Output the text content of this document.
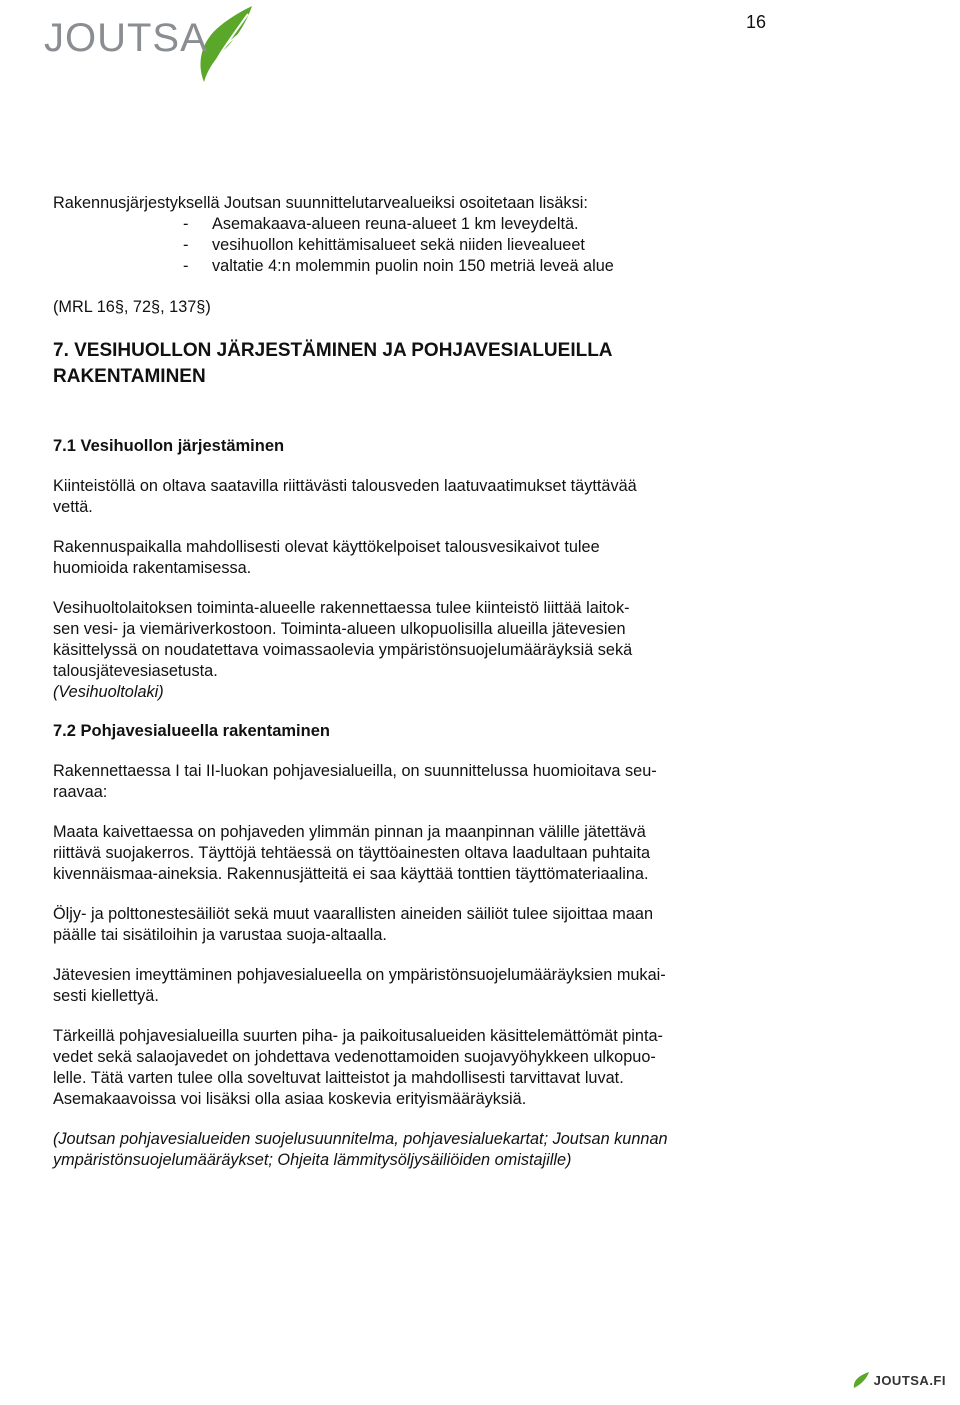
JOUTSA	16

Rakennusjärjestyksellä Joutsan suunnittelutarvealueiksi osoitetaan lisäksi:

- Asemakaava-alueen reuna-alueet 1 km leveydeltä.
- vesihuollon kehittämisalueet sekä niiden lievealueet
- valtatie 4:n molemmin puolin noin 150 metriä leveä alue

(MRL 16§, 72§, 137§)

7. VESIHUOLLON JÄRJESTÄMINEN JA POHJAVESIALUEILLA
RAKENTAMINEN
7.1 Vesihuollon järjestäminen

Kiinteistöllä on oltava saatavilla riittävästi talousveden laatuvaatimukset täyttävää
vettä.

Rakennuspaikalla mahdollisesti olevat käyttökelpoiset talousvesikaivot tulee
huomioida rakentamisessa.

Vesihuoltolaitoksen toiminta-alueelle rakennettaessa tulee kiinteistö liittää laitok-
sen vesi- ja viemäriverkostoon. Toiminta-alueen ulkopuolisilla alueilla jätevesien
käsittelyssä on noudatettava voimassaolevia ympäristönsuojelumääräyksiä sekä
talousjätevesiasetusta.
(Vesihuoltolaki)

7.2 Pohjavesialueella rakentaminen

Rakennettaessa I tai II-luokan pohjavesialueilla, on suunnittelussa huomioitava seu-
raavaa:

Maata kaivettaessa on pohjaveden ylimmän pinnan ja maanpinnan välille jätettävä
riittävä suojakerros. Täyttöjä tehtäessä on täyttöainesten oltava laadultaan puhtaita
kivennäismaa-aineksia. Rakennusjätteitä ei saa käyttää tonttien täyttömateriaalina.

Öljy- ja polttonestesäiliöt sekä muut vaarallisten aineiden säiliöt tulee sijoittaa maan
päälle tai sisätiloihin ja varustaa suoja-altaalla.

Jätevesien imeyttäminen pohjavesialueella on ympäristönsuojelumääräyksien mukai-
sesti kiellettyä.

Tärkeillä pohjavesialueilla suurten piha- ja paikoitusalueiden käsittelemättömät pinta-
vedet sekä salaojavedet on johdettava vedenottamoiden suojavyöhykkeen ulkopuo-
lelle. Tätä varten tulee olla soveltuvat laitteistot ja mahdollisesti tarvittavat luvat.
Asemakaavoissa voi lisäksi olla asiaa koskevia erityismääräyksiä.

(Joutsan pohjavesialueiden suojelusuunnitelma, pohjavesialuekartat; Joutsan kunnan
ympäristönsuojelumääräykset; Ohjeita lämmitysöljysäiliöiden omistajille)

JOUTSA.FI
